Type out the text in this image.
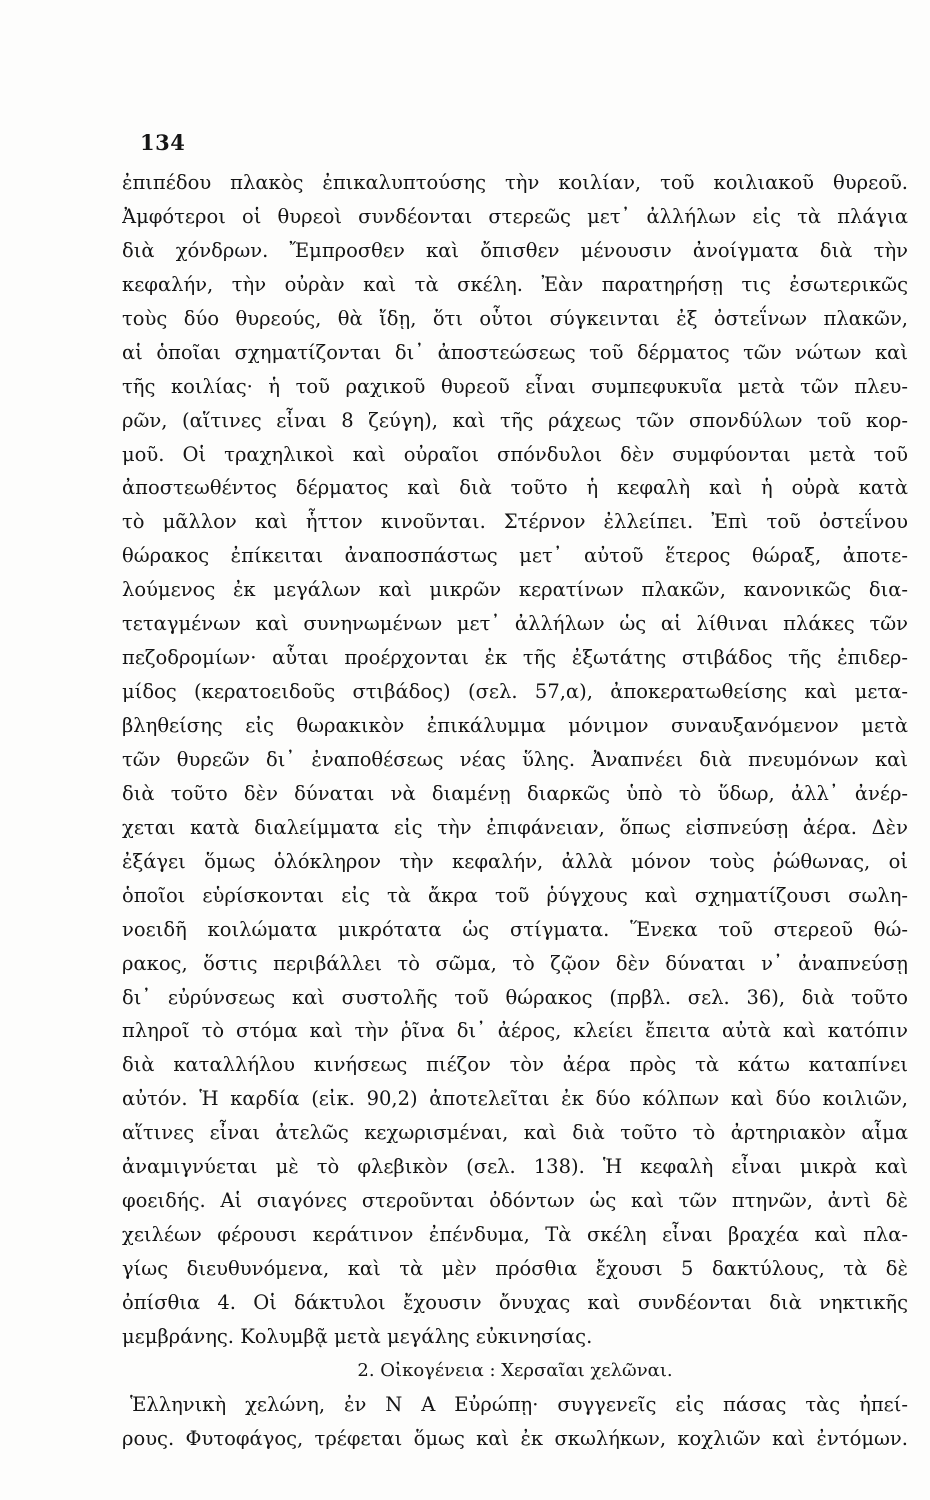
134
ἐπιπέδου πλακὸς ἐπικαλυπτούσης τὴν κοιλίαν, τοῦ κοιλιακοῦ θυρεοῦ.
Ἀμφότεροι οἱ θυρεοὶ συνδέονται στερεῶς μετ᾽ ἀλλήλων εἰς τὰ πλάγια
διὰ χόνδρων. Ἔμπροσθεν καὶ ὄπισθεν μένουσιν ἀνοίγματα διὰ τὴν
κεφαλήν, τὴν οὐρὰν καὶ τὰ σκέλη. Ἐὰν παρατηρήσῃ τις ἐσωτερικῶς
τοὺς δύο θυρεούς, θὰ ἴδῃ, ὅτι οὗτοι σύγκεινται ἐξ ὀστεΐνων πλακῶν,
αἱ ὁποῖαι σχηματίζονται δι᾽ ἀποστεώσεως τοῦ δέρματος τῶν νώτων καὶ
τῆς κοιλίας· ἡ τοῦ ραχικοῦ θυρεοῦ εἶναι συμπεφυκυῖα μετὰ τῶν πλευ-
ρῶν, (αἵτινες εἶναι 8 ζεύγη), καὶ τῆς ράχεως τῶν σπονδύλων τοῦ κορ-
μοῦ. Οἱ τραχηλικοὶ καὶ οὐραῖοι σπόνδυλοι δὲν συμφύονται μετὰ τοῦ
ἀποστεωθέντος δέρματος καὶ διὰ τοῦτο ἡ κεφαλὴ καὶ ἡ οὐρὰ κατὰ
τὸ μᾶλλον καὶ ἧττον κινοῦνται. Στέρνον ἐλλείπει. Ἐπὶ τοῦ ὀστεΐνου
θώρακος ἐπίκειται ἀναποσπάστως μετ᾽ αὐτοῦ ἕτερος θώραξ, ἀποτε-
λούμενος ἐκ μεγάλων καὶ μικρῶν κερατίνων πλακῶν, κανονικῶς δια-
τεταγμένων καὶ συνηνωμένων μετ᾽ ἀλλήλων ὡς αἱ λίθιναι πλάκες τῶν
πεζοδρομίων· αὗται προέρχονται ἐκ τῆς ἐξωτάτης στιβάδος τῆς ἐπιδερ-
μίδος (κερατοειδοῦς στιβάδος) (σελ. 57,α), ἀποκερατωθείσης καὶ μετα-
βληθείσης εἰς θωρακικὸν ἐπικάλυμμα μόνιμον συναυξανόμενον μετὰ
τῶν θυρεῶν δι᾽ ἐναποθέσεως νέας ὕλης. Ἀναπνέει διὰ πνευμόνων καὶ
διὰ τοῦτο δὲν δύναται νὰ διαμένῃ διαρκῶς ὑπὸ τὸ ὕδωρ, ἀλλ᾽ ἀνέρ-
χεται κατὰ διαλείμματα εἰς τὴν ἐπιφάνειαν, ὅπως εἰσπνεύσῃ ἀέρα. Δὲν
ἐξάγει ὅμως ὁλόκληρον τὴν κεφαλήν, ἀλλὰ μόνον τοὺς ῥώθωνας, οἱ
ὁποῖοι εὑρίσκονται εἰς τὰ ἄκρα τοῦ ῥύγχους καὶ σχηματίζουσι σωλη-
νοειδῆ κοιλώματα μικρότατα ὡς στίγματα. Ἕνεκα τοῦ στερεοῦ θώ-
ρακος, ὅστις περιβάλλει τὸ σῶμα, τὸ ζῷον δὲν δύναται ν᾽ ἀναπνεύσῃ
δι᾽ εὐρύνσεως καὶ συστολῆς τοῦ θώρακος (πρβλ. σελ. 36), διὰ τοῦτο
πληροῖ τὸ στόμα καὶ τὴν ῥῖνα δι᾽ ἀέρος, κλείει ἔπειτα αὐτὰ καὶ κατόπιν
διὰ καταλλήλου κινήσεως πιέζον τὸν ἀέρα πρὸς τὰ κάτω καταπίνει
αὐτόν. Ἡ καρδία (εἰκ. 90,2) ἀποτελεῖται ἐκ δύο κόλπων καὶ δύο κοιλιῶν,
αἵτινες εἶναι ἀτελῶς κεχωρισμέναι, καὶ διὰ τοῦτο τὸ ἀρτηριακὸν αἷμα
ἀναμιγνύεται μὲ τὸ φλεβικὸν (σελ. 138). Ἡ κεφαλὴ εἶναι μικρὰ καὶ
φοειδής. Αἱ σιαγόνες στεροῦνται ὀδόντων ὡς καὶ τῶν πτηνῶν, ἀντὶ δὲ
χειλέων φέρουσι κεράτινον ἐπένδυμα, Τὰ σκέλη εἶναι βραχέα καὶ πλα-
γίως διευθυνόμενα, καὶ τὰ μὲν πρόσθια ἔχουσι 5 δακτύλους, τὰ δὲ
ὀπίσθια 4. Οἱ δάκτυλοι ἔχουσιν ὄνυχας καὶ συνδέονται διὰ νηκτικῆς
μεμβράνης. Κολυμβᾷ μετὰ μεγάλης εὐκινησίας.
2. Οἰκογένεια : Χερσαῖαι χελῶναι.
Ἑλληνικὴ χελώνη, ἐν Ν Α Εὐρώπῃ· συγγενεῖς εἰς πάσας τὰς ἠπεί-
ρους. Φυτοφάγος, τρέφεται ὅμως καὶ ἐκ σκωλήκων, κοχλιῶν καὶ ἐντόμων.
